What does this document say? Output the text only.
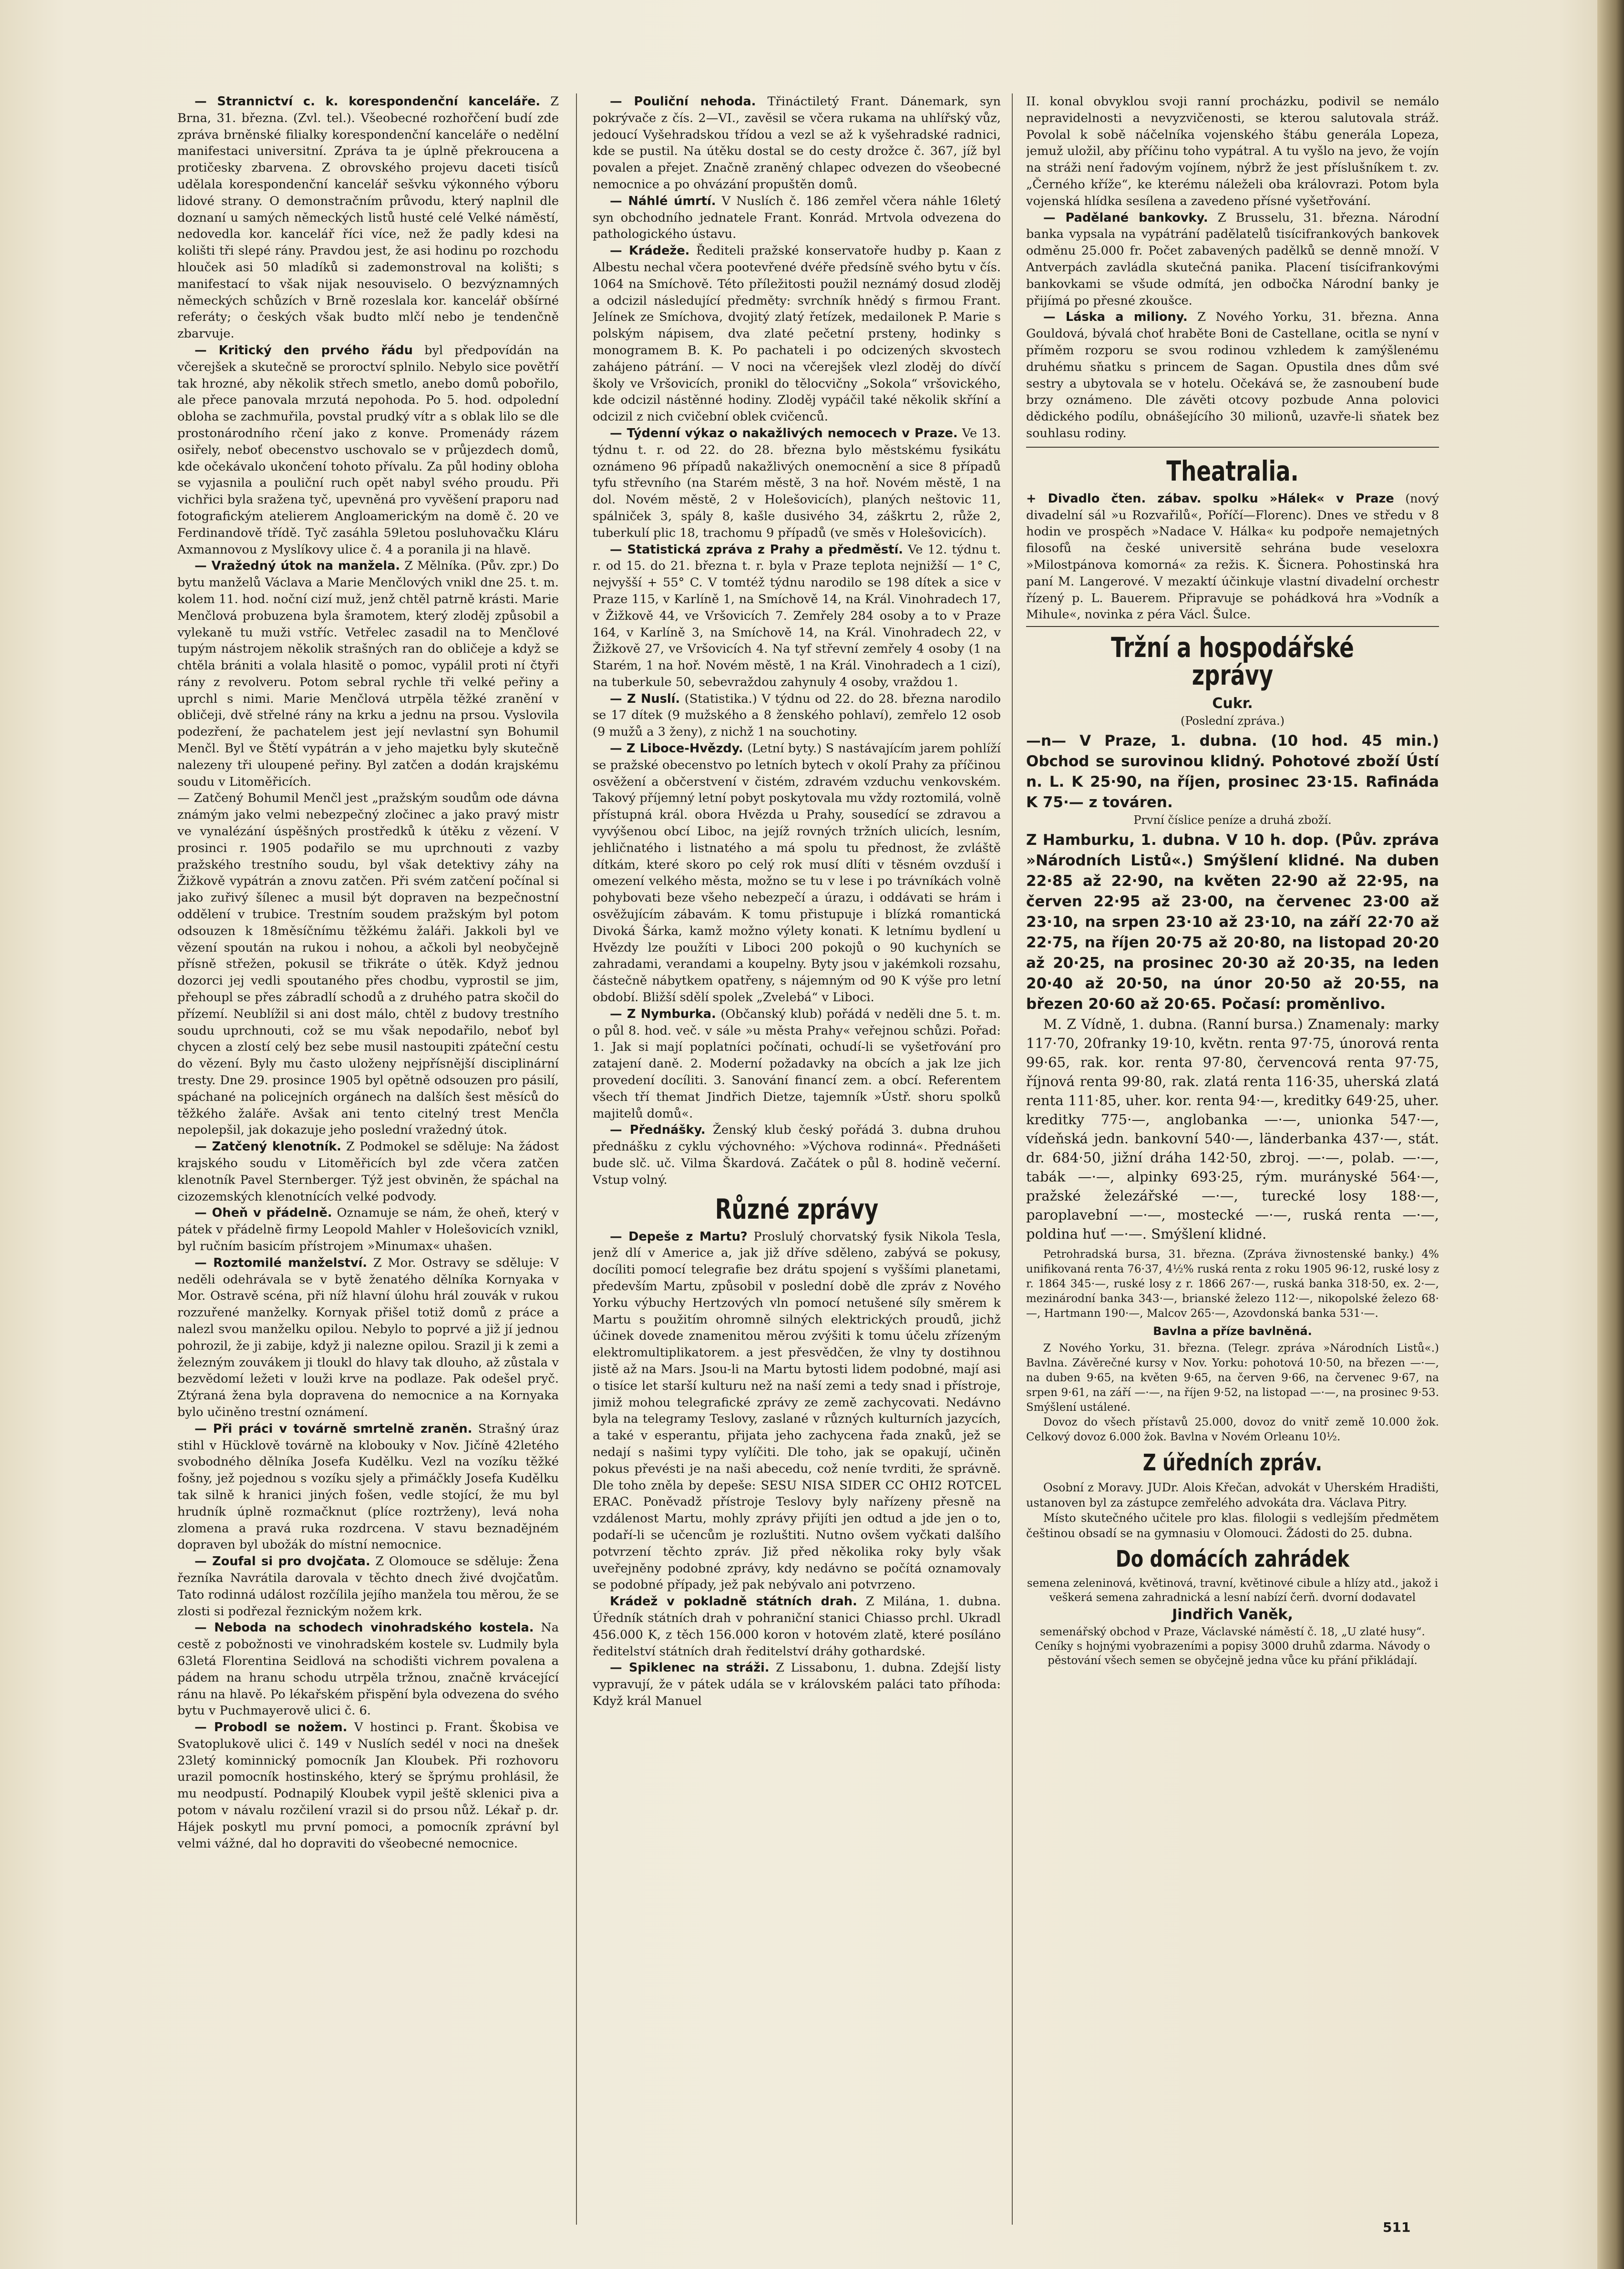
— Strannictví c. k. korespondenční kanceláře. Z Brna, 31. března. (Zvl. tel.). Všeobecné rozhořčení budí zde zpráva brněnské filialky korespondenční kanceláře o nedělní manifestaci universitní. Zpráva ta je úplně překroucena a protičesky zbarvena. Z obrovského projevu daceti tisíců udělala korespondenční kancelář sešvku výkonného výboru lidové strany. O demonstračním průvodu, který naplnil dle doznaní u samých německých listů husté celé Velké náměstí, nedovedla kor. kancelář říci více, než že padly kdesi na kolišti tři slepé rány. Pravdou jest, že asi hodinu po rozchodu hlouček asi 50 mladíků si zademonstroval na kolišti; s manifestací to však nijak nesouviselo. O bezvýznamných německých schůzích v Brně rozeslala kor. kancelář obšírné referáty; o českých však budto mlčí nebo je tendenčně zbarvuje.

— Kritický den prvého řádu byl předpovídán na včerejšek a skutečně se proroctví splnilo. Nebylo sice povětří tak hrozné, aby několik střech smetlo, anebo domů pobořilo, ale přece panovala mrzutá nepohoda. Po 5. hod. odpolední obloha se zachmuřila, povstal prudký vítr a s oblak lilo se dle prostonárodního rčení jako z konve. Promenády rázem osiřely, neboť obecenstvo uschovalo se v průjezdech domů, kde očekávalo ukončení tohoto přívalu. Za půl hodiny obloha se vyjasnila a pouliční ruch opět nabyl svého proudu. Při vichřici byla sražena tyč, upevněná pro vyvěšení praporu nad fotografickým atelierem Angloamerickým na domě č. 20 ve Ferdinandově třídě. Tyč zasáhla 59letou posluhovačku Kláru Axmannovou z Myslíkovy ulice č. 4 a poranila ji na hlavě.

— Vražedný útok na manžela. Z Mělníka. (Pův. zpr.) Do bytu manželů Václava a Marie Menčlových vnikl dne 25. t. m. kolem 11. hod. noční cizí muž, jenž chtěl patrně krásti. Marie Menčlová probuzena byla šramotem, který zloděj způsobil a vylekaně tu muži vstříc. Vetřelec zasadil na to Menčlové tupým nástrojem několik strašných ran do obličeje a když se chtěla brániti a volala hlasitě o pomoc, vypálil proti ní čtyři rány z revolveru. Potom sebral rychle tři velké peřiny a uprchl s nimi. Marie Menčlová utrpěla těžké zranění v obličeji, dvě střelné rány na krku a jednu na prsou. Vyslovila podezření, že pachatelem jest její nevlastní syn Bohumil Menčl. Byl ve Štětí vypátrán a v jeho majetku byly skutečně nalezeny tři uloupené peřiny. Byl zatčen a dodán krajskému soudu v Litoměřicích.

— Zatčený Bohumil Menčl jest „pražským soudům ode dávna známým jako velmi nebezpečný zločinec a jako pravý mistr ve vynalézání úspěšných prostředků k útěku z vězení. V prosinci r. 1905 podařilo se mu uprchnouti z vazby pražského trestního soudu, byl však detektivy záhy na Žižkově vypátrán a znovu zatčen. Při svém zatčení počínal si jako zuřivý šílenec a musil být dopraven na bezpečnostní oddělení v trubice. Trestním soudem pražským byl potom odsouzen k 18měsíčnímu těžkému žaláři. Jakkoli byl ve vězení spoután na rukou i nohou, a ačkoli byl neobyčejně přísně střežen, pokusil se třikráte o útěk. Když jednou dozorci jej vedli spoutaného přes chodbu, vyprostil se jim, přehoupl se přes zábradlí schodů a z druhého patra skočil do přízemí. Neublížil si ani dost málo, chtěl z budovy trestního soudu uprchnouti, což se mu však nepodařilo, neboť byl chycen a zlostí celý bez sebe musil nastoupiti zpáteční cestu do vězení. Byly mu často uloženy nejpřísnější disciplinární tresty. Dne 29. prosince 1905 byl opětně odsouzen pro pásilí, spáchané na policejních orgánech na dalších šest měsíců do těžkého žaláře. Avšak ani tento citelný trest Menčla nepolepšil, jak dokazuje jeho poslední vražedný útok.

— Zatčený klenotník. Z Podmokel se sděluje: Na žádost krajského soudu v Litoměřicích byl zde včera zatčen klenotník Pavel Sternberger. Týž jest obviněn, že spáchal na cizozemských klenotnících velké podvody.

— Oheň v přádelně. Oznamuje se nám, že oheň, který v pátek v přádelně firmy Leopold Mahler v Holešovicích vznikl, byl ručním basicím přístrojem »Minumax« uhašen.

— Roztomilé manželství. Z Mor. Ostravy se sděluje: V neděli odehrávala se v bytě ženatého dělníka Kornyaka v Mor. Ostravě scéna, při níž hlavní úlohu hrál zouvák v rukou rozzuřené manželky. Kornyak přišel totiž domů z práce a nalezl svou manželku opilou. Nebylo to poprvé a již jí jednou pohrozil, že ji zabije, když ji nalezne opilou. Srazil ji k zemi a železným zouvákem ji tloukl do hlavy tak dlouho, až zůstala v bezvědomí ležeti v louži krve na podlaze. Pak odešel pryč. Ztýraná žena byla dopravena do nemocnice a na Kornyaka bylo učiněno trestní oznámení.

— Při práci v továrně smrtelně zraněn. Strašný úraz stihl v Hücklově továrně na klobouky v Nov. Jičíně 42letého svobodného dělníka Josefa Kudělku. Vezl na vozíku těžké fošny, jež pojednou s vozíku sjely a přimáčkly Josefa Kudělku tak silně k hranici jiných fošen, vedle stojící, že mu byl hrudník úplně rozmačknut (plíce roztrženy), levá noha zlomena a pravá ruka rozdrcena. V stavu beznadějném dopraven byl ubožák do místní nemocnice.

— Zoufal si pro dvojčata. Z Olomouce se sděluje: Žena řezníka Navrátila darovala v těchto dnech živé dvojčatům. Tato rodinná událost rozčílila jejího manžela tou měrou, že se zlosti si podřezal řeznickým nožem krk.

— Neboda na schodech vinohradského kostela. Na cestě z pobožnosti ve vinohradském kostele sv. Ludmily byla 63letá Florentina Seidlová na schodišti vichrem povalena a pádem na hranu schodu utrpěla tržnou, značně krvácející ránu na hlavě. Po lékařském přispění byla odvezena do svého bytu v Puchmayerově ulici č. 6.

— Probodl se nožem. V hostinci p. Frant. Škobisa ve Svatoplukově ulici č. 149 v Nuslích sedél v noci na dnešek 23letý kominnický pomocník Jan Kloubek. Při rozhovoru urazil pomocník hostinského, který se šprýmu prohlásil, že mu neodpustí. Podnapilý Kloubek vypil ještě sklenici piva a potom v návalu rozčilení vrazil si do prsou nůž. Lékař p. dr. Hájek poskytl mu první pomoci, a pomocník zprávní byl velmi vážné, dal ho dopraviti do všeobecné nemocnice.

— Pouliční nehoda. Třináctiletý Frant. Dánemark, syn pokrývače z čís. 2—VI., zavěsil se včera rukama na uhlířský vůz, jedoucí Vyšehradskou třídou a vezl se až k vyšehradské radnici, kde se pustil. Na útěku dostal se do cesty drožce č. 367, jíž byl povalen a přejet. Značně zraněný chlapec odvezen do všeobecné nemocnice a po ohvázání propuštěn domů.

— Náhlé úmrtí. V Nuslích č. 186 zemřel včera náhle 16letý syn obchodního jednatele Frant. Konrád. Mrtvola odvezena do pathologického ústavu.

— Krádeže. Řediteli pražské konservatoře hudby p. Kaan z Albestu nechal včera pootevřené dvéře předsíně svého bytu v čís. 1064 na Smíchově. Této příležitosti použil neznámý dosud zloděj a odcizil následující předměty: svrchník hnědý s firmou Frant. Jelínek ze Smíchova, dvojitý zlatý řetízek, medailonek P. Marie s polským nápisem, dva zlaté pečetní prsteny, hodinky s monogramem B. K. Po pachateli i po odcizených skvostech zahájeno pátrání. — V noci na včerejšek vlezl zloděj do dívčí školy ve Vršovicích, pronikl do tělocvičny „Sokola“ vršovického, kde odcizil nástěnné hodiny. Zloděj vypáčil také několik skříní a odcizil z nich cvičební oblek cvičenců.

— Týdenní výkaz o nakažlivých nemocech v Praze. Ve 13. týdnu t. r. od 22. do 28. března bylo městskému fysikátu oznámeno 96 případů nakažlivých onemocnění a sice 8 případů tyfu střevního (na Starém městě, 3 na hoř. Novém městě, 1 na dol. Novém městě, 2 v Holešovicích), planých neštovic 11, spálniček 3, spály 8, kašle dusivého 34, záškrtu 2, růže 2, tuberkulí plic 18, trachomu 9 případů (ve směs v Holešovicích).

— Statistická zpráva z Prahy a předměstí. Ve 12. týdnu t. r. od 15. do 21. března t. r. byla v Praze teplota nejnižší — 1° C, nejvyšší + 55° C. V tomtéž týdnu narodilo se 198 dítek a sice v Praze 115, v Karlíně 1, na Smíchově 14, na Král. Vinohradech 17, v Žižkově 44, ve Vršovicích 7. Zemřely 284 osoby a to v Praze 164, v Karlíně 3, na Smíchově 14, na Král. Vinohradech 22, v Žižkově 27, ve Vršovicích 4. Na tyf střevní zemřely 4 osoby (1 na Starém, 1 na hoř. Novém městě, 1 na Král. Vinohradech a 1 cizí), na tuberkule 50, sebevraždou zahynuly 4 osoby, vraždou 1.

— Z Nuslí. (Statistika.) V týdnu od 22. do 28. března narodilo se 17 dítek (9 mužského a 8 ženského pohlaví), zemřelo 12 osob (9 mužů a 3 ženy), z nichž 1 na souchotiny.

— Z Liboce-Hvězdy. (Letní byty.) S nastávajícím jarem pohlíží se pražské obecenstvo po letních bytech v okolí Prahy za příčinou osvěžení a občerstvení v čistém, zdravém vzduchu venkovském. Takový příjemný letní pobyt poskytovala mu vždy roztomilá, volně přístupná král. obora Hvězda u Prahy, sousedící se zdravou a vyvýšenou obcí Liboc, na jejíž rovných tržních ulicích, lesním, jehličnatého i listnatého a má spolu tu přednost, že zvláště dítkám, které skoro po celý rok musí dlíti v těsném ovzduší i omezení velkého města, možno se tu v lese i po trávníkách volně pohybovati beze všeho nebezpečí a úrazu, i oddávati se hrám i osvěžujícím zábavám. K tomu přistupuje i blízká romantická Divoká Šárka, kamž možno výlety konati. K letnímu bydlení u Hvězdy lze použíti v Liboci 200 pokojů o 90 kuchyních se zahradami, verandami a koupelny. Byty jsou v jakémkoli rozsahu, částečně nábytkem opatřeny, s nájemným od 90 K výše pro letní období. Bližší sdělí spolek „Zvelebá“ v Liboci.

— Z Nymburka. (Občanský klub) pořádá v neděli dne 5. t. m. o půl 8. hod. več. v sále »u města Prahy« veřejnou schůzi. Pořad: 1. Jak si mají poplatníci počínati, ochudí-li se vyšetřování pro zatajení daně. 2. Moderní požadavky na obcích a jak lze jich provedení docíliti. 3. Sanování financí zem. a obcí. Referentem všech tří themat Jindřich Dietze, tajemník »Ústř. shoru spolků majitelů domů«.

— Přednášky. Ženský klub český pořádá 3. dubna druhou přednášku z cyklu výchovného: »Výchova rodinná«. Přednášeti bude slč. uč. Vilma Škardová. Začátek o půl 8. hodině večerní. Vstup volný.

Různé zprávy

— Depeše z Martu? Proslulý chorvatský fysik Nikola Tesla, jenž dlí v Americe a, jak již dříve sděleno, zabývá se pokusy, docíliti pomocí telegrafie bez drátu spojení s vyššími planetami, především Martu, způsobil v poslední době dle zpráv z Nového Yorku výbuchy Hertzových vln pomocí netušené síly směrem k Martu s použitím ohromně silných elektrických proudů, jichž účinek dovede znamenitou měrou zvýšiti k tomu účelu zřízeným elektromultiplikatorem. a jest přesvědčen, že vlny ty dostihnou jistě až na Mars. Jsou-li na Martu bytosti lidem podobné, mají asi o tisíce let starší kulturu než na naší zemi a tedy snad i přístroje, jimiž mohou telegrafické zprávy ze země zachycovati. Nedávno byla na telegramy Teslovy, zaslané v různých kulturních jazycích, a také v esperantu, přijata jeho zachycena řada znaků, jež se nedají s našimi typy vylíčiti. Dle toho, jak se opakují, učiněn pokus převésti je na naši abecedu, což neníe tvrditi, že správně. Dle toho zněla by depeše: SESU NISA SIDER CC OHI2 ROTCEL ERAC. Poněvadž přístroje Teslovy byly nařízeny přesně na vzdálenost Martu, mohly zprávy přijíti jen odtud a jde jen o to, podaří-li se učencům je rozluštiti. Nutno ovšem vyčkati dalšího potvrzení těchto zpráv. Již před několika roky byly však uveřejněny podobné zprávy, kdy nedávno se počítá oznamovaly se podobné případy, jež pak nebývalo ani potvrzeno.

Krádež v pokladně státních drah. Z Milána, 1. dubna. Úředník státních drah v pohraniční stanici Chiasso prchl. Ukradl 456.000 K, z těch 156.000 koron v hotovém zlatě, které posíláno ředitelství státních drah ředitelství dráhy gothardské.

— Spiklenec na stráži. Z Lissabonu, 1. dubna. Zdejší listy vypravují, že v pátek udála se v královském paláci tato příhoda: Když král Manuel

II. konal obvyklou svoji ranní procházku, podivil se nemálo nepravidelnosti a nevyzvičenosti, se kterou salutovala stráž. Povolal k sobě náčelníka vojenského štábu generála Lopeza, jemuž uložil, aby příčinu toho vypátral. A tu vyšlo na jevo, že vojín na stráži není řadovým vojínem, nýbrž že jest příslušníkem t. zv. „Černého kříže“, ke kterému náleželi oba královrazi. Potom byla vojenská hlídka sesílena a zavedeno přísné vyšetřování.

— Padělané bankovky. Z Brusselu, 31. března. Národní banka vypsala na vypátrání padělatelů tisícifrankových bankovek odměnu 25.000 fr. Počet zabavených padělků se denně množí. V Antverpách zavládla skutečná panika. Placení tisícifrankovými bankovkami se všude odmítá, jen odbočka Národní banky je přijímá po přesné zkoušce.

— Láska a miliony. Z Nového Yorku, 31. března. Anna Gouldová, bývalá choť hraběte Boni de Castellane, ocitla se nyní v příměm rozporu se svou rodinou vzhledem k zamýšlenému druhému sňatku s princem de Sagan. Opustila dnes dům své sestry a ubytovala se v hotelu. Očekává se, že zasnoubení bude brzy oznámeno. Dle závěti otcovy pozbude Anna polovici dědického podílu, obnášejícího 30 milionů, uzavře-li sňatek bez souhlasu rodiny.

Theatralia.

+ Divadlo čten. zábav. spolku »Hálek« v Praze (nový divadelní sál »u Rozvařilů«, Poříčí—Florenc). Dnes ve středu v 8 hodin ve prospěch »Nadace V. Hálka« ku podpoře nemajetných filosofů na české universitě sehrána bude veseloхra »Milostpánova komorná« za režis. K. Šicnera. Pohostinská hra paní M. Langerové. V mezaktí účinkuje vlastní divadelní orchestr řízený p. L. Bauerem. Připravuje se pohádková hra »Vodník a Mihule«, novinka z péra Václ. Šulce.

Tržní a hospodářské zprávy
Cukr.
(Poslední zpráva.)
—n— V Praze, 1. dubna. (10 hod. 45 min.) Obchod se surovinou klidný. Pohotové zboží Ústí n. L. K 25·90, na říjen, prosinec 23·15. Rafináda K 75·— z továren.
První číslice peníze a druhá zboží.
Z Hamburku, 1. dubna. V 10 h. dop. (Pův. zpráva »Národních Listů«.) Smýšlení klidné. Na duben 22·85 až 22·90, na květen 22·90 až 22·95, na červen 22·95 až 23·00, na červenec 23·00 až 23·10, na srpen 23·10 až 23·10, na září 22·70 až 22·75, na říjen 20·75 až 20·80, na listopad 20·20 až 20·25, na prosinec 20·30 až 20·35, na leden 20·40 až 20·50, na únor 20·50 až 20·55, na březen 20·60 až 20·65. Počasí: proměnlivo.

M. Z Vídně, 1. dubna. (Ranní bursa.) Znamenaly: marky 117·70, 20franky 19·10, květn. renta 97·75, únorová renta 99·65, rak. kor. renta 97·80, červencová renta 97·75, říjnová renta 99·80, rak. zlatá renta 116·35, uherská zlatá renta 111·85, uher. kor. renta 94·—, kreditky 649·25, uher. kreditky 775·—, anglobanka —·—, unionka 547·—, vídeňská jedn. bankovní 540·—, länderbanka 437·—, stát. dr. 684·50, jižní dráha 142·50, zbroj. —·—, polab. —·—, tabák —·—, alpinky 693·25, rým. murányské 564·—, pražské železářské —·—, turecké losy 188·—, paroplavební —·—, mostecké —·—, ruská renta —·—, poldina huť —·—. Smýšlení klidné.

Petrohradská bursa, 31. března. (Zpráva živnostenské banky.) 4% unifikovaná renta 76·37, 4½% ruská renta z roku 1905 96·12, ruské losy z r. 1864 345·—, ruské losy z r. 1866 267·—, ruská banka 318·50, ex. 2·—, mezinárodní banka 343·—, brianské železo 112·—, nikopolské železo 68·—, Hartmann 190·—, Malcov 265·—, Azovdonská banka 531·—.

Bavlna a příze bavlněná.

Z Nového Yorku, 31. března. (Telegr. zpráva »Národních Listů«.) Bavlna. Závěrečné kursy v Nov. Yorku: pohotová 10·50, na březen —·—, na duben 9·65, na květen 9·65, na červen 9·66, na červenec 9·67, na srpen 9·61, na září —·—, na říjen 9·52, na listopad —·—, na prosinec 9·53. Smýšlení ustálené.

Dovoz do všech přístavů 25.000, dovoz do vnitř země 10.000 žok. Celkový dovoz 6.000 žok. Bavlna v Novém Orleanu 10½.

Z úředních zpráv.

Osobní z Moravy. JUDr. Alois Křečan, advokát v Uherském Hradišti, ustanoven byl za zástupce zemřelého advokáta dra. Václava Pitry.

Místo skutečného učitele pro klas. filologii s vedlejším předmětem češtinou obsadí se na gymnasiu v Olomouci. Žádosti do 25. dubna.

Do domácích zahrádek

semena zeleninová, květinová, travní, květinové cibule a hlízy atd., jakož i veškerá semena zahradnická a lesní nabízí čerň. dvorní dodavatel

Jindřich Vaněk,

semenářský obchod v Praze, Václavské náměstí č. 18, „U zlaté husy“. Ceníky s hojnými vyobrazeními a popisy 3000 druhů zdarma. Návody o pěstování všech semen se obyčejně jedna vůce ku přání přikládají.

511
